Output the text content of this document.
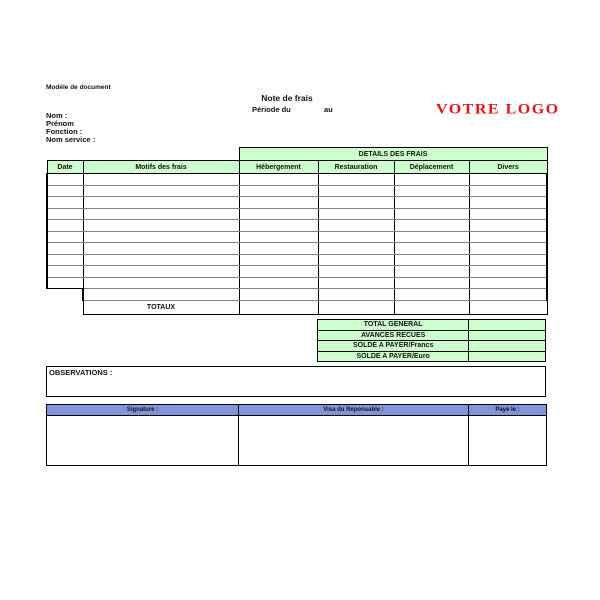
Modèle de document
Note de frais
Période du	au	VOTRE LOGO
Nom :
Prénom
Fonction :
Nom service :
		DETAILS DES FRAIS			
Date	Motifs des frais	Hébergement	Restauration	Déplacement	Divers

	TOTAUX				
TOTAL GENERAL	
AVANCES RECUES	
SOLDE A PAYER/Francs	
SOLDE A PAYER/Euro	
OBSERVATIONS :
Signature :	Visa du Reponsable :	Payé le :
